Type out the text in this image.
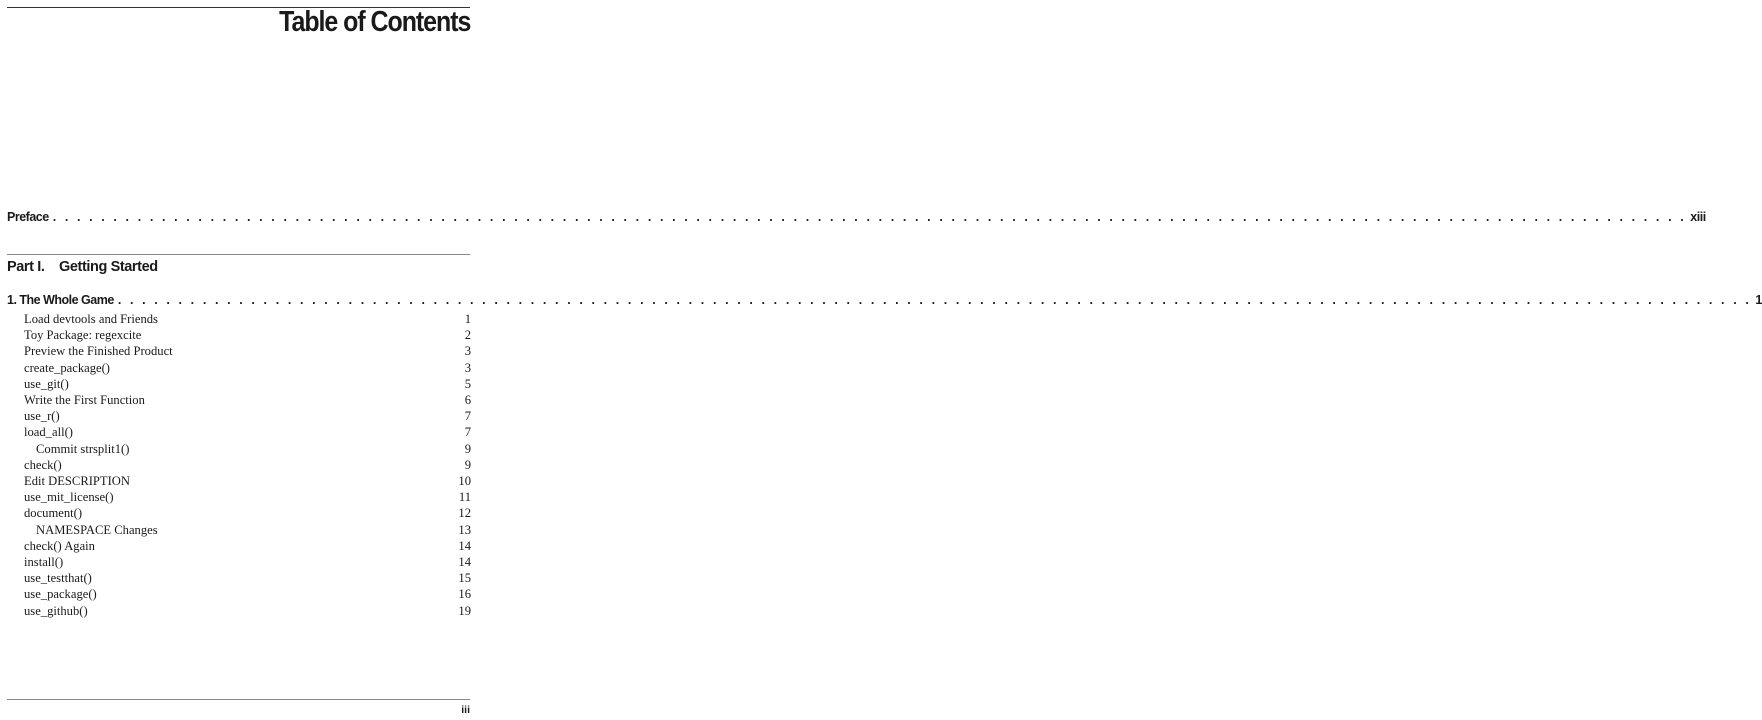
Table of Contents
Preface . . . . . . . . . . . . . . . . . . . . . . . . . . . . . . . . . . . . . . . . . . . . . . . . . . . . . . . . . . . . . . . . . . . . . . . . . . . . . . . . . . . . . . . . . . . . . . . . . . . . . . . . . . . . . . . . . . . . . . . . . . . . . . . . . . . . . . . xiii
Part I. Getting Started
1. The Whole Game . . . . . . . . . . . . . . . . . . . . . . . . . . . . . . . . . . . . . . . . . . . . . . . . . . . . . . . . . . . . . . . . . . . . . . . . . . . . . . . . . . . . . . . . . . . . . . . . . . . . . . . . . . . . . . . . . . . . . . . . . . . . . . . . . . . . . . . 1
Load devtools and Friends	1
Toy Package: regexcite	2
Preview the Finished Product	3
create_package()	3
use_git()	5
Write the First Function	6
use_r()	7
load_all()	7
Commit strsplit1()	9
check()	9
Edit DESCRIPTION	10
use_mit_license()	11
document()	12
NAMESPACE Changes	13
check() Again	14
install()	14
use_testthat()	15
use_package()	16
use_github()	19
iii
